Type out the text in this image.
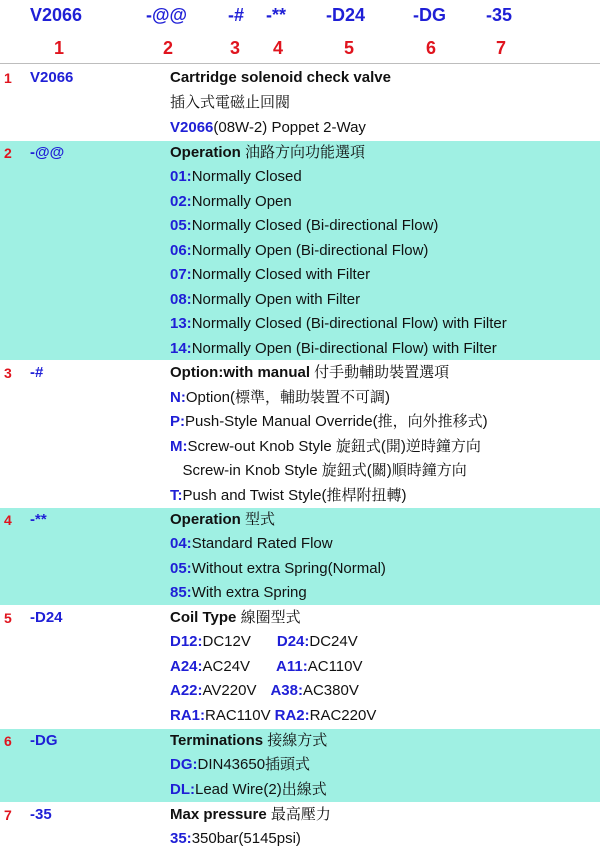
V2066	-@@ -# -** -D24	-DG -35
1	2	3 4	5	6	7
1	V2066	Cartridge solenoid check valve
插入式電磁止回閥
V2066(08W-2) Poppet 2-Way
2	-@@	Operation 油路方向功能選項
01:Normally Closed
02:Normally Open
05:Normally Closed (Bi-directional Flow)
06:Normally Open (Bi-directional Flow)
07:Normally Closed with Filter
08:Normally Open with Filter
13:Normally Closed (Bi-directional Flow) with Filter
14:Normally Open (Bi-directional Flow) with Filter
3	-#	Option:with manual 付手動輔助裝置選項
N:Option(標準，輔助裝置不可調)
P:Push-Style Manual Override(推，向外推移式)
M:Screw-out Knob Style 旋鈕式(開)逆時鐘方向
Screw-in Knob Style 旋鈕式(關)順時鐘方向
T:Push and Twist Style(推桿附扭轉)
4	-**	Operation 型式
04:Standard Rated Flow
05:Without extra Spring(Normal)
85:With extra Spring
5	-D24	Coil Type 線圈型式
D12:DC12V D24:DC24V
A24:AC24V A11:AC110V
A22:AV220V A38:AC380V
RA1:RAC110V RA2:RAC220V
6	-DG	Terminations 接線方式
DG:DIN43650插頭式
DL:Lead Wire(2)出線式
7	-35	Max pressure 最高壓力
35:350bar(5145psi)
